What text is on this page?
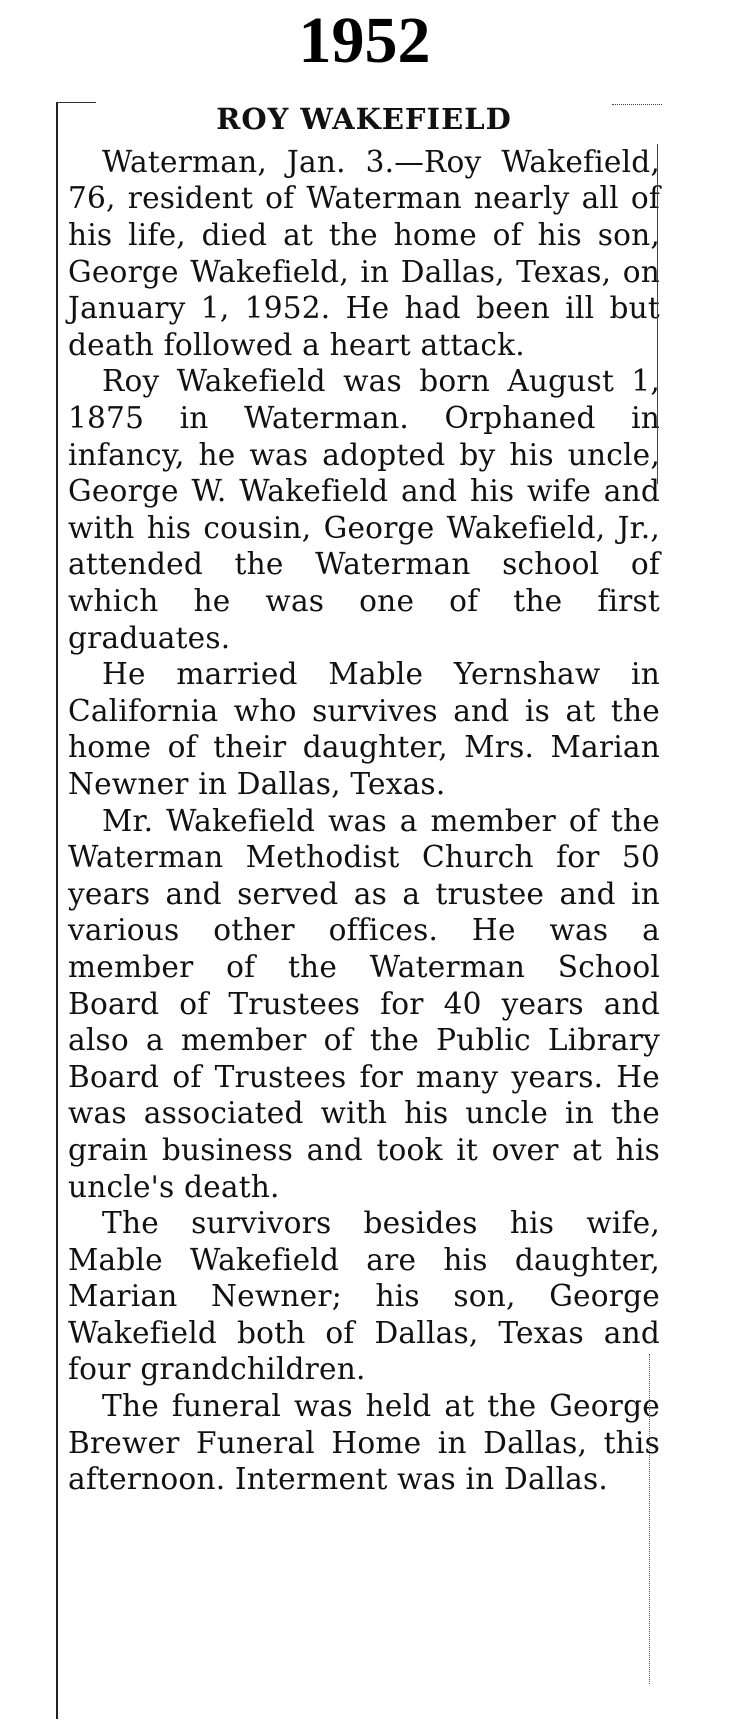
1952
ROY WAKEFIELD

Waterman, Jan. 3.—Roy Wakefield, 76, resident of Waterman nearly all of his life, died at the home of his son, George Wakefield, in Dallas, Texas, on January 1, 1952. He had been ill but death followed a heart attack.

Roy Wakefield was born August 1, 1875 in Waterman. Orphaned in infancy, he was adopted by his uncle, George W. Wakefield and his wife and with his cousin, George Wakefield, Jr., attended the Waterman school of which he was one of the first graduates.

He married Mable Yernshaw in California who survives and is at the home of their daughter, Mrs. Marian Newner in Dallas, Texas.

Mr. Wakefield was a member of the Waterman Methodist Church for 50 years and served as a trustee and in various other offices. He was a member of the Waterman School Board of Trustees for 40 years and also a member of the Public Library Board of Trustees for many years. He was associated with his uncle in the grain business and took it over at his uncle's death.

The survivors besides his wife, Mable Wakefield are his daughter, Marian Newner; his son, George Wakefield both of Dallas, Texas and four grandchildren.

The funeral was held at the George Brewer Funeral Home in Dallas, this afternoon. Interment was in Dallas.
